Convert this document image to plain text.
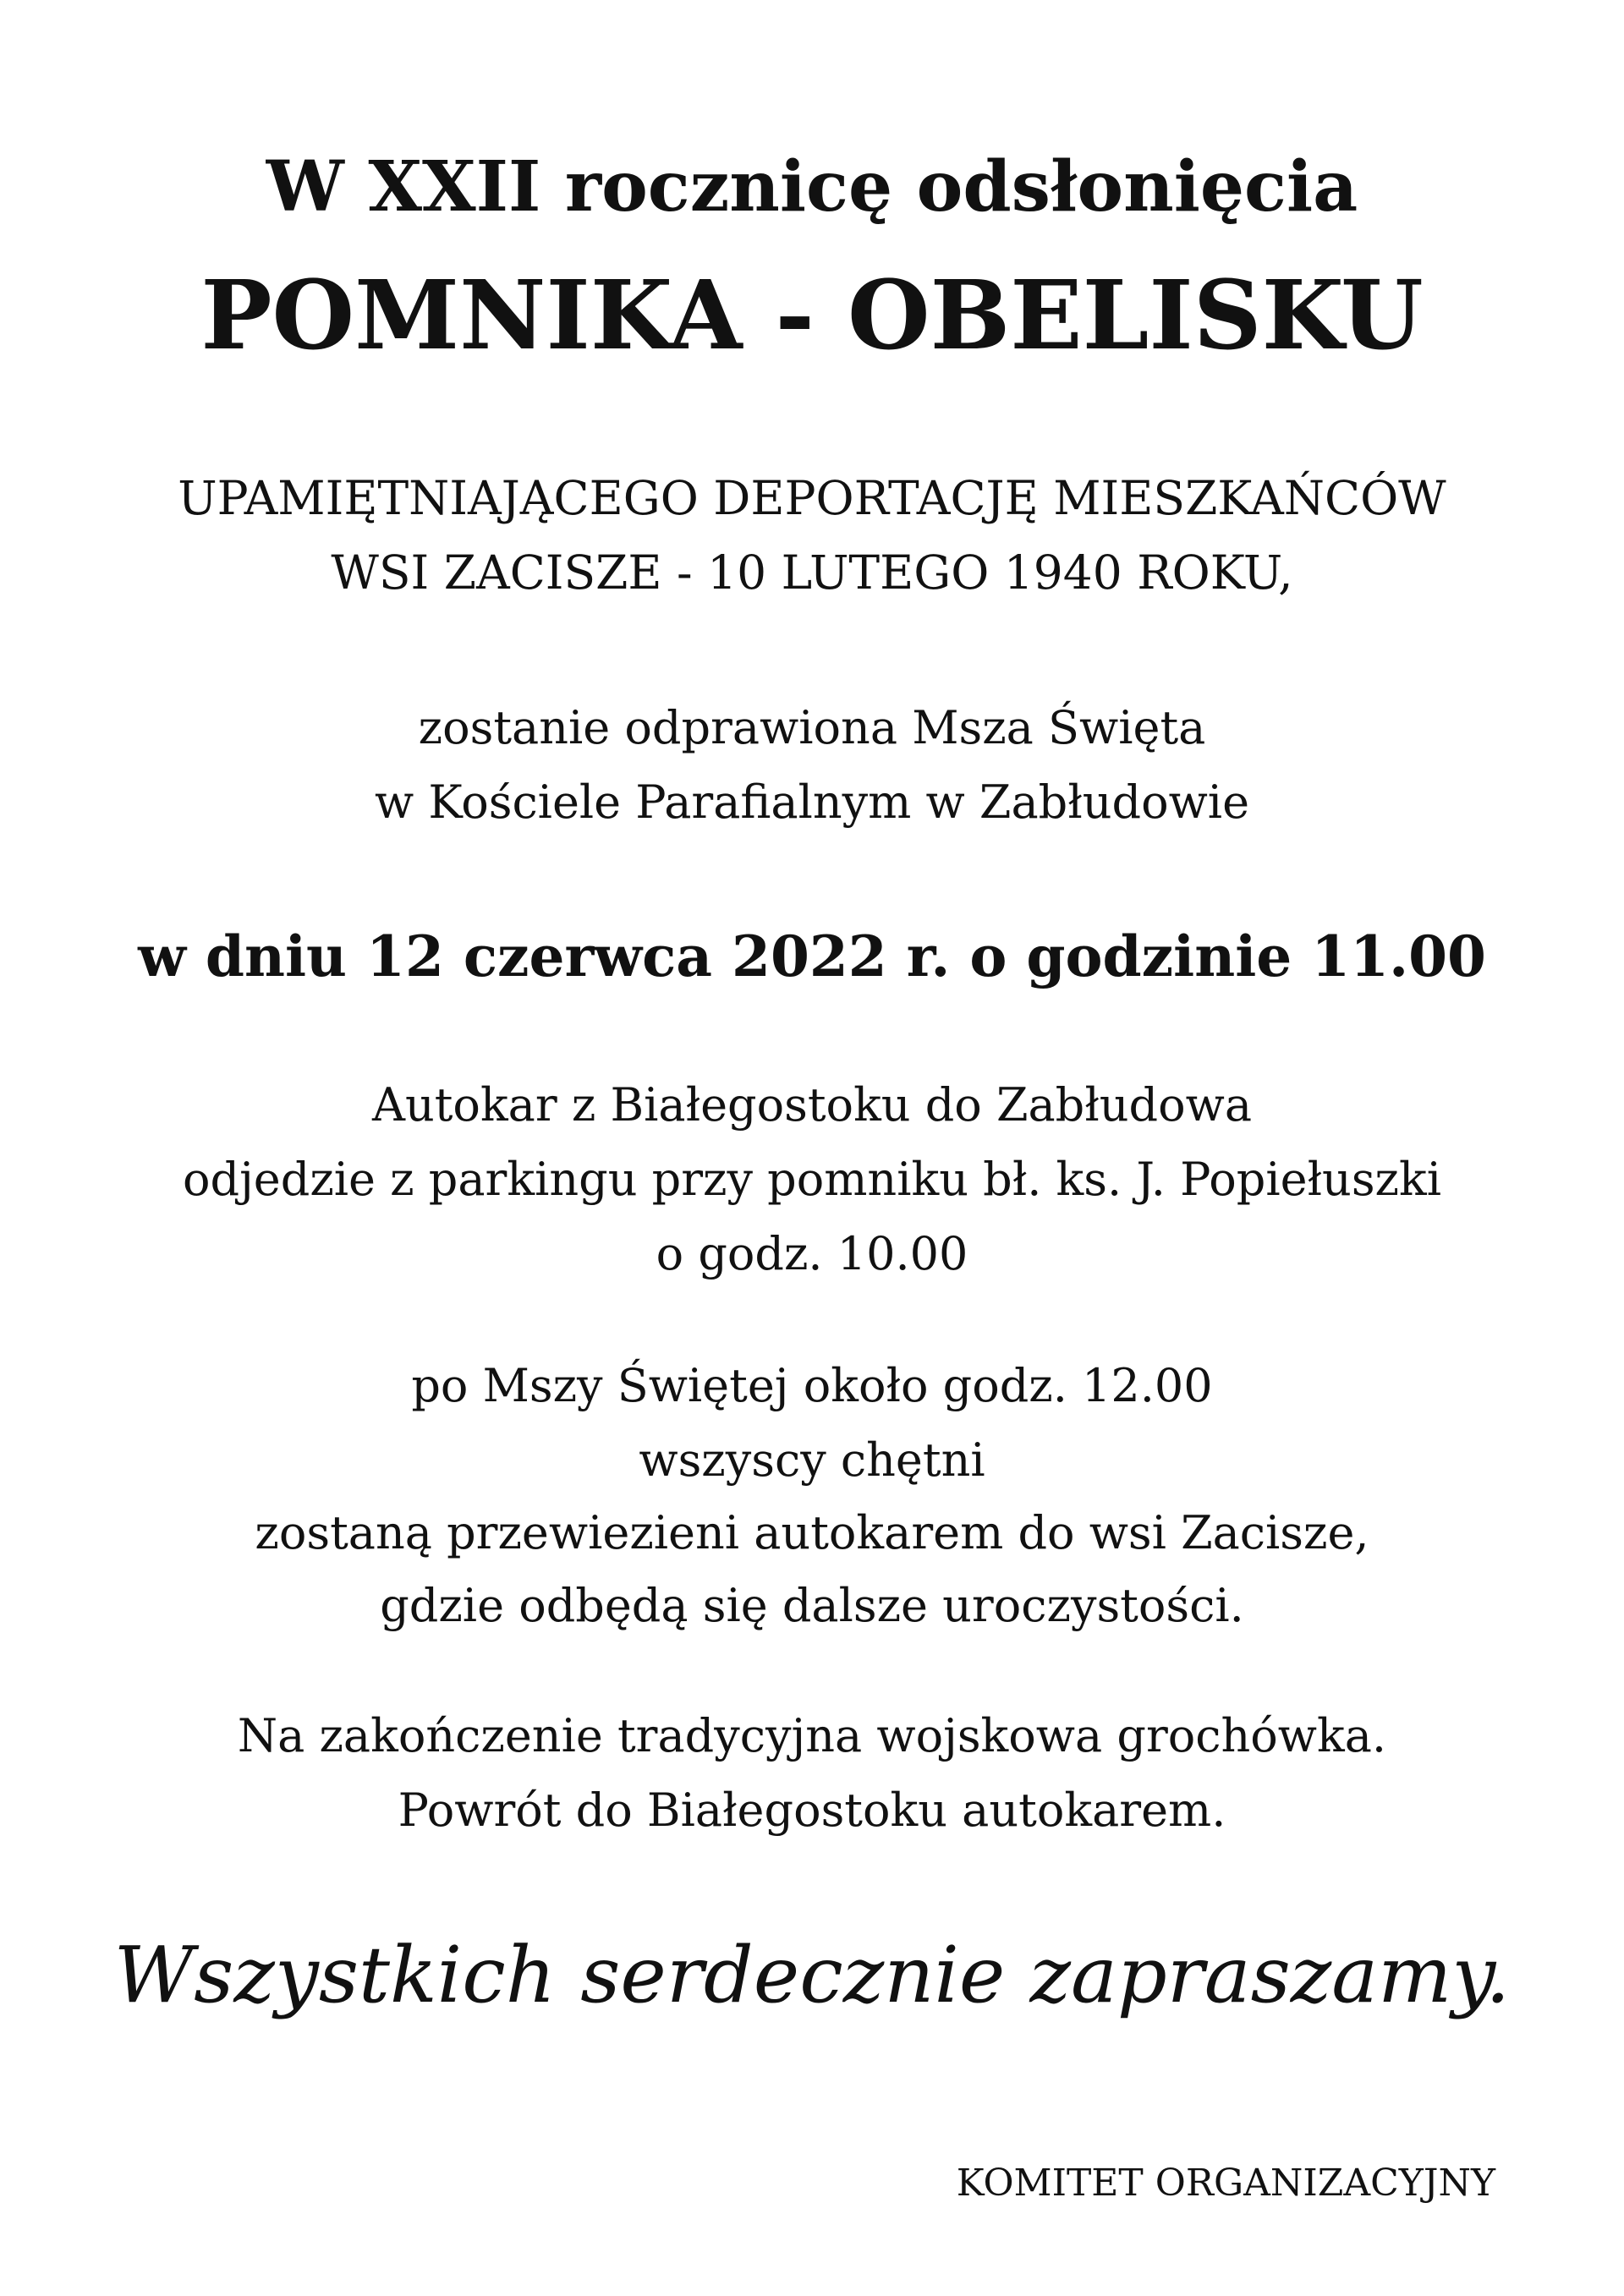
W XXII rocznicę odsłonięcia
POMNIKA - OBELISKU
UPAMIĘTNIAJĄCEGO DEPORTACJĘ MIESZKAŃCÓW
WSI ZACISZE - 10 LUTEGO 1940 ROKU,
zostanie odprawiona Msza Święta
w Kościele Parafialnym w Zabłudowie
w dniu 12 czerwca 2022 r. o godzinie 11.00
Autokar z Białegostoku do Zabłudowa
odjedzie z parkingu przy pomniku bł. ks. J. Popiełuszki
o godz. 10.00
po Mszy Świętej około godz. 12.00
wszyscy chętni
zostaną przewiezieni autokarem do wsi Zacisze,
gdzie odbędą się dalsze uroczystości.
Na zakończenie tradycyjna wojskowa grochówka.
Powrót do Białegostoku autokarem.
Wszystkich serdecznie zapraszamy.
KOMITET ORGANIZACYJNY
